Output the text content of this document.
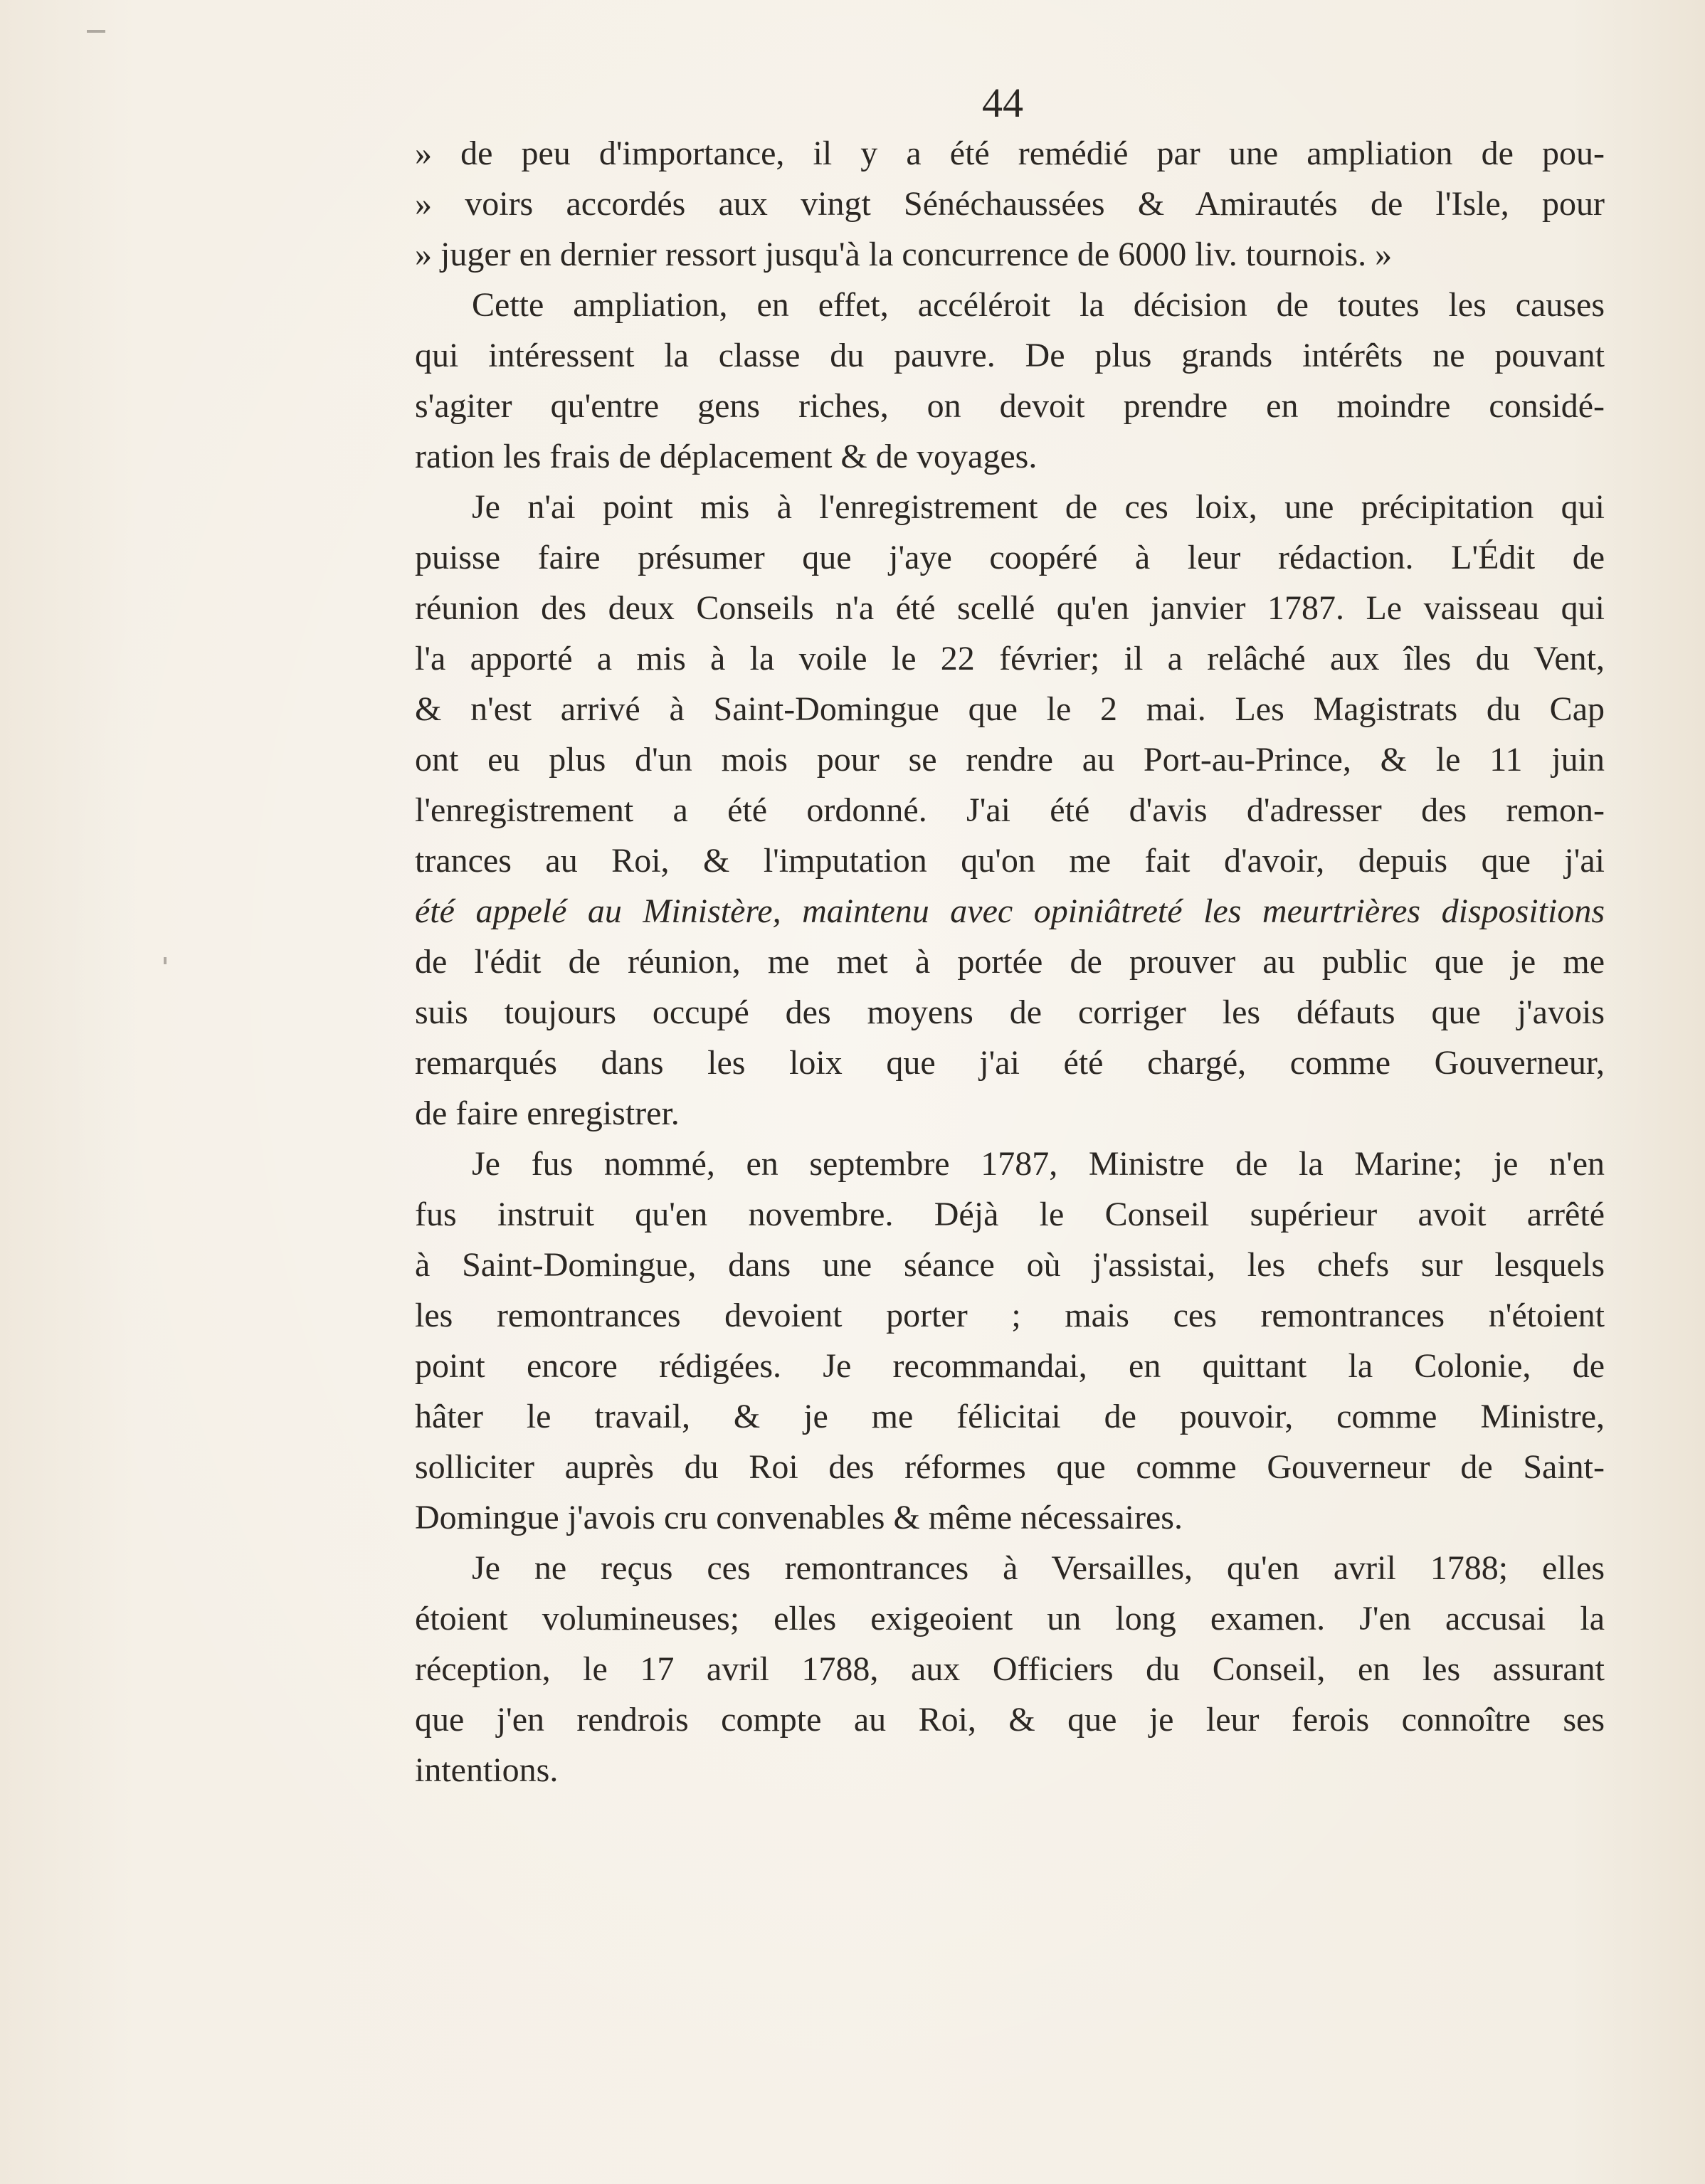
44
» de peu d'importance, il y a été remédié par une ampliation de pou-
» voirs accordés aux vingt Sénéchaussées & Amirautés de l'Isle, pour
» juger en dernier ressort jusqu'à la concurrence de 6000 liv. tournois. »
Cette ampliation, en effet, accéléroit la décision de toutes les causes
qui intéressent la classe du pauvre. De plus grands intérêts ne pouvant
s'agiter qu'entre gens riches, on devoit prendre en moindre considé-
ration les frais de déplacement & de voyages.
Je n'ai point mis à l'enregistrement de ces loix, une précipitation qui
puisse faire présumer que j'aye coopéré à leur rédaction. L'Édit de
réunion des deux Conseils n'a été scellé qu'en janvier 1787. Le vaisseau qui
l'a apporté a mis à la voile le 22 février; il a relâché aux îles du Vent,
& n'est arrivé à Saint-Domingue que le 2 mai. Les Magistrats du Cap
ont eu plus d'un mois pour se rendre au Port-au-Prince, & le 11 juin
l'enregistrement a été ordonné. J'ai été d'avis d'adresser des remon-
trances au Roi, & l'imputation qu'on me fait d'avoir, depuis que j'ai
été appelé au Ministère, maintenu avec opiniâtreté les meurtrières dispositions
de l'édit de réunion, me met à portée de prouver au public que je me
suis toujours occupé des moyens de corriger les défauts que j'avois
remarqués dans les loix que j'ai été chargé, comme Gouverneur,
de faire enregistrer.
Je fus nommé, en septembre 1787, Ministre de la Marine; je n'en
fus instruit qu'en novembre. Déjà le Conseil supérieur avoit arrêté
à Saint-Domingue, dans une séance où j'assistai, les chefs sur lesquels
les remontrances devoient porter ; mais ces remontrances n'étoient
point encore rédigées. Je recommandai, en quittant la Colonie, de
hâter le travail, & je me félicitai de pouvoir, comme Ministre,
solliciter auprès du Roi des réformes que comme Gouverneur de Saint-
Domingue j'avois cru convenables & même nécessaires.
Je ne reçus ces remontrances à Versailles, qu'en avril 1788; elles
étoient volumineuses; elles exigeoient un long examen. J'en accusai la
réception, le 17 avril 1788, aux Officiers du Conseil, en les assurant
que j'en rendrois compte au Roi, & que je leur ferois connoître ses
intentions.
